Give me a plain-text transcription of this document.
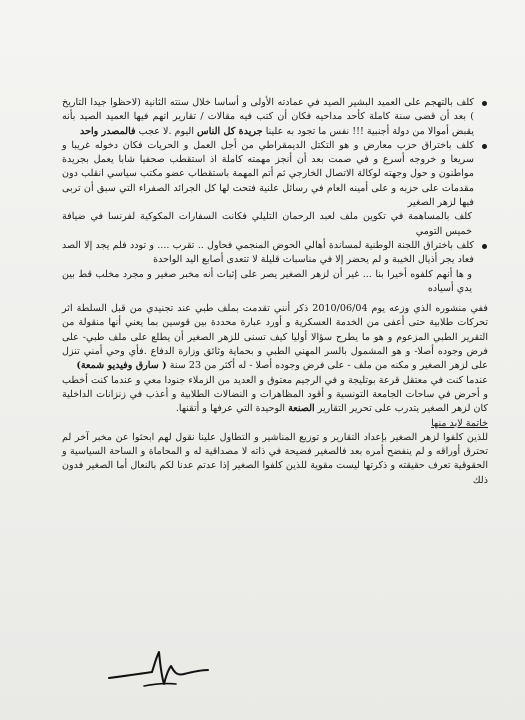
كلف بالتهجم على العميد البشير الصيد في عمادته الأولى و أساسا خلال سنته الثانية (لاحظوا جيدا التاريخ ) بعد أن قضى سنة كاملة كأحد مداحيه فكان أن كتب فيه مقالات / تقارير اتهم فيها العميد الصيد بأنه يقبض أموالا من دولة أجنبية !!! نفس ما تجود به علينا جريدة كل الناس اليوم .لا عجب فالمصدر واحد

كلف باختراق حزب معارض و هو التكتل الديمقراطي من أجل العمل و الحريات فكان دخوله غريبا و سريعا و خروجه أسرع و في صمت بعد أن أنجز مهمته كاملة اذ استقطب صحفيا شابا يعمل بجريدة مواطنون و حول وجهته لوكالة الاتصال الخارجي ثم أتم المهمة باستقطاب عضو مكتب سياسي انقلب دون مقدمات على حزبه و على أمينه العام في رسائل علنية فتحت لها كل الجرائد الصفراء التي سبق أن تربى فيها لزهر الصغير

كلف بالمساهمة في تكوين ملف لعبد الرحمان التليلي فكانت السفارات المكوكية لفرنسا في ضيافة خميس التومي

كلف باختراق اللجنة الوطنية لمساندة أهالي الحوض المنجمي فحاول .. تقرب .... و تودد فلم يجد إلا الصد فعاد يجر أذيال الخيبة و لم يحضر إلا في مناسبات قليلة لا تتعدى أصابع اليد الواحدة

و ها أنهم كلفوه أخيرا بنا ... غير أن لزهر الصغير يصر على إثبات أنه مخبر صغير و مجرد مخلب قط بين يدي أسياده

ففي منشوره الذي وزعه يوم 2010/06/04 ذكر أنني تقدمت بملف طبي عند تجنيدي من قبل السلطة اثر تحركات طلابية حتى أعفى من الخدمة العسكرية و أورد عبارة محددة بين قوسين بما يعني أنها منقولة من التقرير الطبي المزعوم و هو ما يطرح سؤالا أوليا كيف تسنى للزهر الصغير أن يطلع على ملف طبي- على فرض وجوده أصلا- و هو المشمول بالسر المهني الطبي و بحماية وثائق وزارة الدفاع .فأي وحي أمني تنزل على لزهر الصغير و مكنه من ملف - على فرض وجوده أصلا - له أكثر من 23 سنة ( سارق وفيديو شمعة)

عندما كنت في معتقل قرعة بوتليجة و في الرجيم معتوق و العديد من الزملاء جنودا معي و عندما كنت أخطب و أحرض في ساحات الجامعة التونسية و أقود المظاهرات و النضالات الطلابية و أعذب في زنزانات الداخلية كان لزهر الصغير يتدرب على تحرير التقارير الصنعة الوحيدة التي عرفها و أتقنها.

خاتمة لابد منها

للذين كلفوا لزهر الصغير بإعداد التقارير و توزيع المناشير و التطاول علينا نقول لهم ابحثوا عن مخبر آخر لم تحترق أوراقه و لم ينفضح أمره بعد فالصغير فضيحة في ذاته لا مصداقية له و المحاماة و الساحة السياسية و الحقوقية تعرف حقيقته و ذكرتها ليست مقوية للذين كلفوا الصغير إذا عدتم عدنا لكم بالنعال أما الصغير فدون ذلك
